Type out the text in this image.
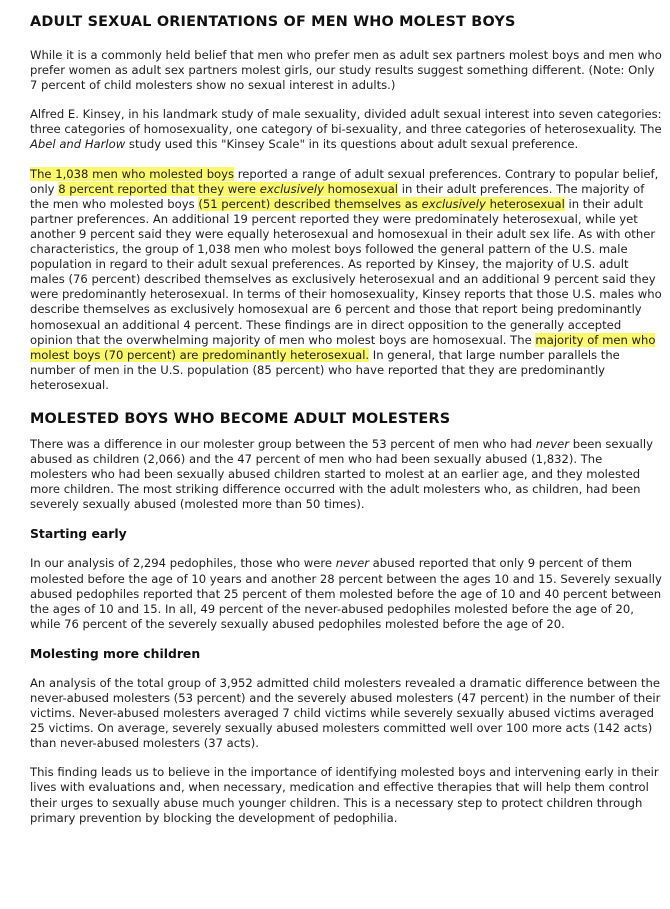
ADULT SEXUAL ORIENTATIONS OF MEN WHO MOLEST BOYS

While it is a commonly held belief that men who prefer men as adult sex partners molest boys and men who prefer women as adult sex partners molest girls, our study results suggest something different. (Note: Only 7 percent of child molesters show no sexual interest in adults.)

Alfred E. Kinsey, in his landmark study of male sexuality, divided adult sexual interest into seven categories: three categories of homosexuality, one category of bi-sexuality, and three categories of heterosexuality. The Abel and Harlow study used this "Kinsey Scale" in its questions about adult sexual preference.

The 1,038 men who molested boys reported a range of adult sexual preferences. Contrary to popular belief, only 8 percent reported that they were exclusively homosexual in their adult preferences. The majority of the men who molested boys (51 percent) described themselves as exclusively heterosexual in their adult partner preferences. An additional 19 percent reported they were predominately heterosexual, while yet another 9 percent said they were equally heterosexual and homosexual in their adult sex life. As with other characteristics, the group of 1,038 men who molest boys followed the general pattern of the U.S. male population in regard to their adult sexual preferences. As reported by Kinsey, the majority of U.S. adult males (76 percent) described themselves as exclusively heterosexual and an additional 9 percent said they were predominantly heterosexual. In terms of their homosexuality, Kinsey reports that those U.S. males who describe themselves as exclusively homosexual are 6 percent and those that report being predominantly homosexual an additional 4 percent. These findings are in direct opposition to the generally accepted opinion that the overwhelming majority of men who molest boys are homosexual. The majority of men who molest boys (70 percent) are predominantly heterosexual. In general, that large number parallels the number of men in the U.S. population (85 percent) who have reported that they are predominantly heterosexual.

MOLESTED BOYS WHO BECOME ADULT MOLESTERS

There was a difference in our molester group between the 53 percent of men who had never been sexually abused as children (2,066) and the 47 percent of men who had been sexually abused (1,832). The molesters who had been sexually abused children started to molest at an earlier age, and they molested more children. The most striking difference occurred with the adult molesters who, as children, had been severely sexually abused (molested more than 50 times).

Starting early

In our analysis of 2,294 pedophiles, those who were never abused reported that only 9 percent of them molested before the age of 10 years and another 28 percent between the ages 10 and 15. Severely sexually abused pedophiles reported that 25 percent of them molested before the age of 10 and 40 percent between the ages of 10 and 15. In all, 49 percent of the never-abused pedophiles molested before the age of 20, while 76 percent of the severely sexually abused pedophiles molested before the age of 20.

Molesting more children

An analysis of the total group of 3,952 admitted child molesters revealed a dramatic difference between the never-abused molesters (53 percent) and the severely abused molesters (47 percent) in the number of their victims. Never-abused molesters averaged 7 child victims while severely sexually abused victims averaged 25 victims. On average, severely sexually abused molesters committed well over 100 more acts (142 acts) than never-abused molesters (37 acts).

This finding leads us to believe in the importance of identifying molested boys and intervening early in their lives with evaluations and, when necessary, medication and effective therapies that will help them control their urges to sexually abuse much younger children. This is a necessary step to protect children through primary prevention by blocking the development of pedophilia.
